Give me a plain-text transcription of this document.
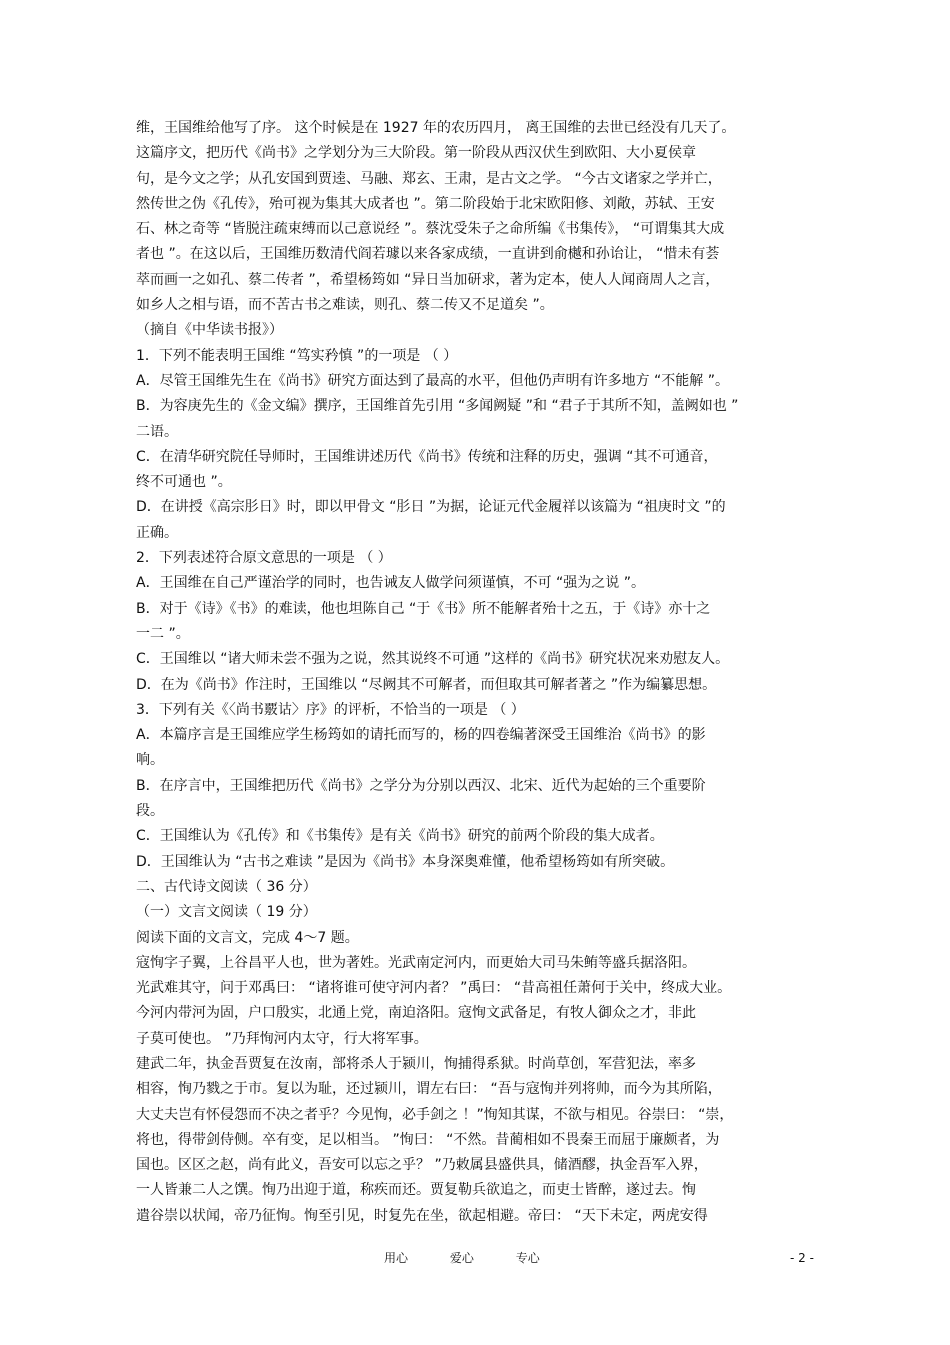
维，王国维给他写了序。 这个时候是在 1927 年的农历四月， 离王国维的去世已经没有几天了。
这篇序文，把历代《尚书》之学划分为三大阶段。第一阶段从西汉伏生到欧阳、大小夏侯章
句，是今文之学；从孔安国到贾逵、马融、郑玄、王肃，是古文之学。 “今古文诸家之学并亡，
然传世之伪《孔传》，殆可视为集其大成者也 ”。第二阶段始于北宋欧阳修、刘敞，苏轼、王安
石、林之奇等 “皆脱注疏束缚而以己意说经 ”。蔡沈受朱子之命所编《书集传》， “可谓集其大成
者也 ”。在这以后，王国维历数清代阎若璩以来各家成绩，一直讲到俞樾和孙诒让， “惜未有荟
萃而画一之如孔、蔡二传者 ”，希望杨筠如 “异日当加研求，著为定本，使人人闻商周人之言，
如乡人之相与语，而不苦古书之难读，则孔、蔡二传又不足道矣 ”。
（摘自《中华读书报》）
1．下列不能表明王国维 “笃实矜慎 ”的一项是 （ ）
A．尽管王国维先生在《尚书》研究方面达到了最高的水平，但他仍声明有许多地方 “不能解 ”。
B．为容庚先生的《金文编》撰序，王国维首先引用 “多闻阙疑 ”和 “君子于其所不知，盖阙如也 ”
二语。
C．在清华研究院任导师时，王国维讲述历代《尚书》传统和注释的历史，强调 “其不可通音，
终不可通也 ”。
D．在讲授《高宗肜日》时，即以甲骨文 “肜日 ”为据，论证元代金履祥以该篇为 “祖庚时文 ”的
正确。
2．下列表述符合原文意思的一项是 （ ）
A．王国维在自己严谨治学的同时，也告诫友人做学问须谨慎，不可 “强为之说 ”。
B．对于《诗》《书》的难读，他也坦陈自己 “于《书》所不能解者殆十之五，于《诗》亦十之
一二 ”。
C．王国维以 “诸大师未尝不强为之说，然其说终不可通 ”这样的《尚书》研究状况来劝慰友人。
D．在为《尚书》作注时，王国维以 “尽阙其不可解者，而但取其可解者著之 ”作为编纂思想。
3．下列有关《〈尚书覈诂〉序》的评析，不恰当的一项是 （ ）
A．本篇序言是王国维应学生杨筠如的请托而写的，杨的四卷编著深受王国维治《尚书》的影
响。
B．在序言中，王国维把历代《尚书》之学分为分别以西汉、北宋、近代为起始的三个重要阶
段。
C．王国维认为《孔传》和《书集传》是有关《尚书》研究的前两个阶段的集大成者。
D．王国维认为 “古书之难读 ”是因为《尚书》本身深奥难懂，他希望杨筠如有所突破。
二、古代诗文阅读（ 36 分）
（一）文言文阅读（ 19 分）
阅读下面的文言文，完成 4～7 题。
寇恂字子翼，上谷昌平人也，世为著姓。光武南定河内，而更始大司马朱鲔等盛兵据洛阳。
光武难其守，问于邓禹曰： “诸将谁可使守河内者？ ”禹曰： “昔高祖任萧何于关中，终成大业。
今河内带河为固，户口殷实，北通上党，南迫洛阳。寇恂文武备足，有牧人御众之才，非此
子莫可使也。 ”乃拜恂河内太守，行大将军事。
建武二年，执金吾贾复在汝南，部将杀人于颍川，恂捕得系狱。时尚草创，军营犯法，率多
相容，恂乃戮之于市。复以为耻，还过颍川，谓左右曰： “吾与寇恂并列将帅，而今为其所陷，
大丈夫岂有怀侵怨而不决之者乎？今见恂，必手剑之 ！”恂知其谋，不欲与相见。谷崇曰： “崇，
将也，得带剑侍侧。卒有变，足以相当。 ”恂曰： “不然。昔蔺相如不畏秦王而屈于廉颇者，为
国也。区区之赵，尚有此义，吾安可以忘之乎？ ”乃敕属县盛供具，储酒醪，执金吾军入界，
一人皆兼二人之馔。恂乃出迎于道，称疾而还。贾复勒兵欲追之，而吏士皆醉，遂过去。恂
遣谷崇以状闻，帝乃征恂。恂至引见，时复先在坐，欲起相避。帝曰： “天下未定，两虎安得
用心	爱心	专心	- 2 -
